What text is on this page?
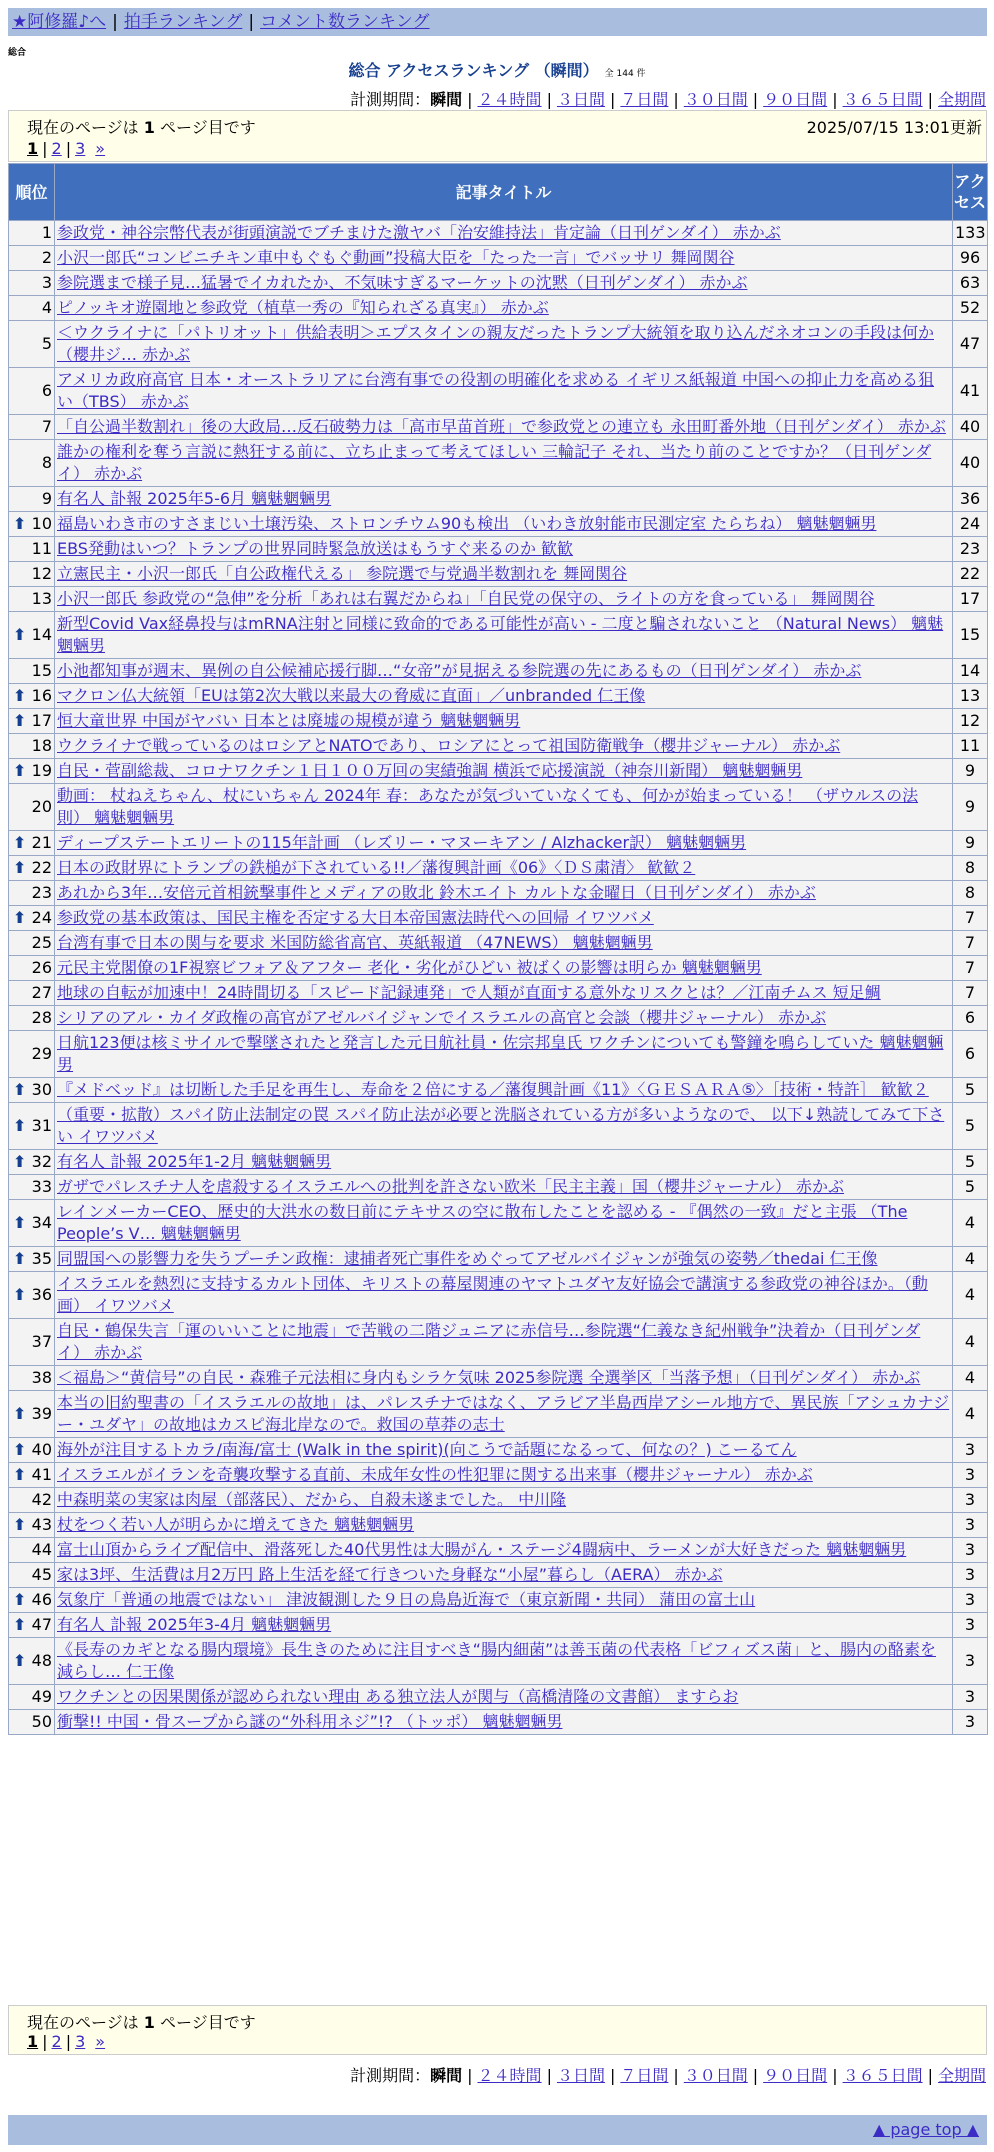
★阿修羅♪へ | 拍手ランキング | コメント数ランキング
総合
総合 アクセスランキング （瞬間） 全 144 件
計測期間：瞬間 | ２４時間 | ３日間 | ７日間 | ３０日間 | ９０日間 | ３６５日間 | 全期間
現在のページは 1 ページ目です	2025/07/15 13:01更新
1 | 2 | 3 »
順位	記事タイトル	アクセス
1	参政党・神谷宗幣代表が街頭演説でブチまけた激ヤバ「治安維持法」肯定論（日刊ゲンダイ） 赤かぶ	133
2	小沢一郎氏“コンビニチキン車中もぐもぐ動画”投稿大臣を「たった一言」でバッサリ 舞岡関谷	96
3	参院選まで様子見…猛暑でイカれたか、不気味すぎるマーケットの沈黙（日刊ゲンダイ） 赤かぶ	63
4	ピノッキオ遊園地と参政党（植草一秀の『知られざる真実』） 赤かぶ	52
5	＜ウクライナに「パトリオット」供給表明＞エプスタインの親友だったトランプ大統領を取り込んだネオコンの手段は何か（櫻井ジ… 赤かぶ	47
6	アメリカ政府高官 日本・オーストラリアに台湾有事での役割の明確化を求める イギリス紙報道 中国への抑止力を高める狙い（TBS） 赤かぶ	41
7	「自公過半数割れ」後の大政局…反石破勢力は「高市早苗首班」で参政党との連立も 永田町番外地（日刊ゲンダイ） 赤かぶ	40
8	誰かの権利を奪う言説に熱狂する前に、立ち止まって考えてほしい 三輪記子 それ、当たり前のことですか？（日刊ゲンダイ） 赤かぶ	40
9	有名人 訃報 2025年5-6月 魑魅魍魎男	36

⬆ 10	福島いわき市のすさまじい土壌汚染、ストロンチウム90も検出 （いわき放射能市民測定室 たらちね） 魑魅魍魎男	24
11	EBS発動はいつ？トランプの世界同時緊急放送はもうすぐ来るのか 歓歓	23
12	立憲民主・小沢一郎氏「自公政権代える」 参院選で与党過半数割れを 舞岡関谷	22
13	小沢一郎氏 参政党の“急伸”を分析「あれは右翼だからね」「自民党の保守の、ライトの方を食っている」 舞岡関谷	17

⬆ 14	新型Covid Vax経鼻投与はmRNA注射と同様に致命的である可能性が高い - 二度と騙されないこと （Natural News） 魑魅魍魎男	15
15	小池都知事が週末、異例の自公候補応援行脚…“女帝”が見据える参院選の先にあるもの（日刊ゲンダイ） 赤かぶ	14

⬆ 16	マクロン仏大統領「EUは第2次大戦以来最大の脅威に直面」／unbranded 仁王像	13

⬆ 17	恒大童世界 中国がヤバい 日本とは廃墟の規模が違う 魑魅魍魎男	12
18	ウクライナで戦っているのはロシアとNATOであり、ロシアにとって祖国防衛戦争（櫻井ジャーナル） 赤かぶ	11

⬆ 19	自民・菅副総裁、コロナワクチン１日１００万回の実績強調 横浜で応援演説（神奈川新聞） 魑魅魍魎男	9
20	動画： 杖ねえちゃん、杖にいちゃん 2024年 春：あなたが気づいていなくても、何かが始まっている！ （ザウルスの法則） 魑魅魍魎男	9

⬆ 21	ディープステートエリートの115年計画 （レズリー・マヌーキアン / Alzhacker訳） 魑魅魍魎男	9

⬆ 22	日本の政財界にトランプの鉄槌が下されている!!／藩復興計画《06》〈ＤＳ粛清〉 歓歓２	8
23	あれから3年…安倍元首相銃撃事件とメディアの敗北 鈴木エイト カルトな金曜日（日刊ゲンダイ） 赤かぶ	8

⬆ 24	参政党の基本政策は、国民主権を否定する大日本帝国憲法時代への回帰 イワツバメ	7
25	台湾有事で日本の関与を要求 米国防総省高官、英紙報道 （47NEWS） 魑魅魍魎男	7
26	元民主党閣僚の1F視察ビフォア＆アフター 老化・劣化がひどい 被ばくの影響は明らか 魑魅魍魎男	7
27	地球の自転が加速中！24時間切る「スピード記録連発」で人類が直面する意外なリスクとは？／江南チムス 短足鯛	7
28	シリアのアル・カイダ政権の高官がアゼルバイジャンでイスラエルの高官と会談（櫻井ジャーナル） 赤かぶ	6
29	日航123便は核ミサイルで撃墜されたと発言した元日航社員・佐宗邦皇氏 ワクチンについても警鐘を鳴らしていた 魑魅魍魎男	6

⬆ 30	『メドベッド』は切断した手足を再生し、寿命を２倍にする／藩復興計画《11》〈ＧＥＳＡＲＡ⑤〉［技術・特許］ 歓歓２	5

⬆ 31	（重要・拡散）スパイ防止法制定の罠 スパイ防止法が必要と洗脳されている方が多いようなので、 以下↓熟読してみて下さい イワツバメ	5

⬆ 32	有名人 訃報 2025年1-2月 魑魅魍魎男	5
33	ガザでパレスチナ人を虐殺するイスラエルへの批判を許さない欧米「民主主義」国（櫻井ジャーナル） 赤かぶ	5

⬆ 34	レインメーカーCEO、歴史的大洪水の数日前にテキサスの空に散布したことを認める - 『偶然の一致』だと主張 （The People’s V… 魑魅魍魎男	4

⬆ 35	同盟国への影響力を失うプーチン政権：逮捕者死亡事件をめぐってアゼルバイジャンが強気の姿勢／thedai 仁王像	4

⬆ 36	イスラエルを熱烈に支持するカルト団体、キリストの幕屋関連のヤマトユダヤ友好協会で講演する参政党の神谷ほか。（動画） イワツバメ	4
37	自民・鶴保失言「運のいいことに地震」で苦戦の二階ジュニアに赤信号…参院選“仁義なき紀州戦争”決着か（日刊ゲンダイ） 赤かぶ	4
38	＜福島＞“黄信号”の自民・森雅子元法相に身内もシラケ気味 2025参院選 全選挙区「当落予想」（日刊ゲンダイ） 赤かぶ	4

⬆ 39	本当の旧約聖書の「イスラエルの故地」は、パレスチナではなく、アラビア半島西岸アシール地方で、異民族「アシュカナジー・ユダヤ」の故地はカスピ海北岸なので。救国の草莽の志士	4

⬆ 40	海外が注目するトカラ/南海/富士 (Walk in the spirit)(向こうで話題になるって、何なの？) こーるてん	3

⬆ 41	イスラエルがイランを奇襲攻撃する直前、未成年女性の性犯罪に関する出来事（櫻井ジャーナル） 赤かぶ	3
42	中森明菜の実家は肉屋（部落民）、だから、自殺未遂までした。 中川隆	3

⬆ 43	杖をつく若い人が明らかに増えてきた 魑魅魍魎男	3
44	富士山頂からライブ配信中、滑落死した40代男性は大腸がん・ステージ4闘病中、ラーメンが大好きだった 魑魅魍魎男	3
45	家は3坪、生活費は月2万円 路上生活を経て行きついた身軽な“小屋”暮らし（AERA） 赤かぶ	3

⬆ 46	気象庁「普通の地震ではない」 津波観測した９日の鳥島近海で（東京新聞・共同） 蒲田の富士山	3

⬆ 47	有名人 訃報 2025年3-4月 魑魅魍魎男	3

⬆ 48	《長寿のカギとなる腸内環境》長生きのために注目すべき“腸内細菌”は善玉菌の代表格「ビフィズス菌」と、腸内の酪素を減らし… 仁王像	3
49	ワクチンとの因果関係が認められない理由 ある独立法人が関与（高橋清隆の文書館） ますらお	3
50	衝撃!! 中国・骨スープから謎の“外科用ネジ”!? （トッポ） 魑魅魍魎男	3
現在のページは 1 ページ目です
1 | 2 | 3 »
計測期間：瞬間 | ２４時間 | ３日間 | ７日間 | ３０日間 | ９０日間 | ３６５日間 | 全期間
▲ page top ▲
